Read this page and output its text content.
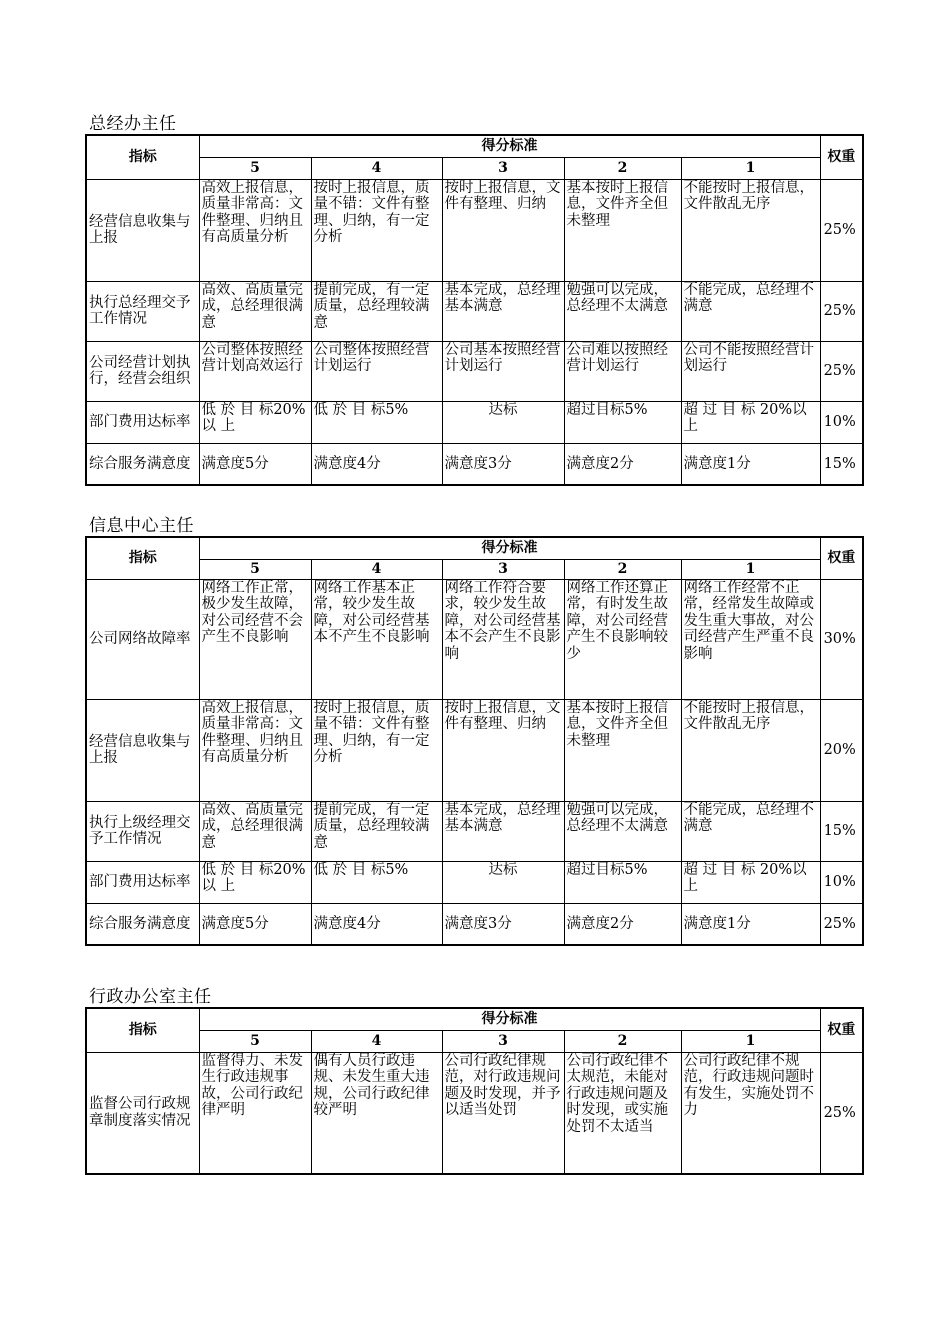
总经办主任
指标	得分标准					权重
	5	4	3	2	1	
经营信息收集与上报	高效上报信息，质量非常高：文件整理、归纳且有高质量分析	按时上报信息，质量不错：文件有整理、归纳，有一定分析	按时上报信息，文件有整理、归纳	基本按时上报信息，文件齐全但未整理	不能按时上报信息，文件散乱无序	25%
执行总经理交予工作情况	高效、高质量完成，总经理很满意	提前完成，有一定质量，总经理较满意	基本完成，总经理基本满意	勉强可以完成，总经理不太满意	不能完成，总经理不满意	25%
公司经营计划执行，经营会组织	公司整体按照经营计划高效运行	公司整体按照经营计划运行	公司基本按照经营计划运行	公司难以按照经营计划运行	公司不能按照经营计划运行	25%
部门费用达标率	低 於 目 标20%以 上	低 於 目 标5%	达标	超过目标5%	超 过 目 标 20%以 上	10%
综合服务满意度	满意度5分	满意度4分	满意度3分	满意度2分	满意度1分	15%
信息中心主任
指标	得分标准					权重
	5	4	3	2	1	
公司网络故障率	网络工作正常，极少发生故障，对公司经营不会产生不良影响	网络工作基本正常，较少发生故障，对公司经营基本不产生不良影响	网络工作符合要求，较少发生故障，对公司经营基本不会产生不良影响	网络工作还算正常，有时发生故障，对公司经营产生不良影响较少	网络工作经常不正常，经常发生故障或发生重大事故，对公司经营产生严重不良影响	30%
经营信息收集与上报	高效上报信息，质量非常高：文件整理、归纳且有高质量分析	按时上报信息，质量不错：文件有整理、归纳，有一定分析	按时上报信息，文件有整理、归纳	基本按时上报信息，文件齐全但未整理	不能按时上报信息，文件散乱无序	20%
执行上级经理交予工作情况	高效、高质量完成，总经理很满意	提前完成，有一定质量，总经理较满意	基本完成，总经理基本满意	勉强可以完成，总经理不太满意	不能完成，总经理不满意	15%
部门费用达标率	低 於 目 标20%以 上	低 於 目 标5%	达标	超过目标5%	超 过 目 标 20%以 上	10%
综合服务满意度	满意度5分	满意度4分	满意度3分	满意度2分	满意度1分	25%
行政办公室主任
指标	得分标准					权重
	5	4	3	2	1	
监督公司行政规章制度落实情况	监督得力、未发生行政违规事故，公司行政纪律严明	偶有人员行政违规、未发生重大违规，公司行政纪律较严明	公司行政纪律规范，对行政违规问题及时发现，并予以适当处罚	公司行政纪律不太规范，未能对行政违规问题及时发现，或实施处罚不太适当	公司行政纪律不规范，行政违规问题时有发生，实施处罚不力	25%
